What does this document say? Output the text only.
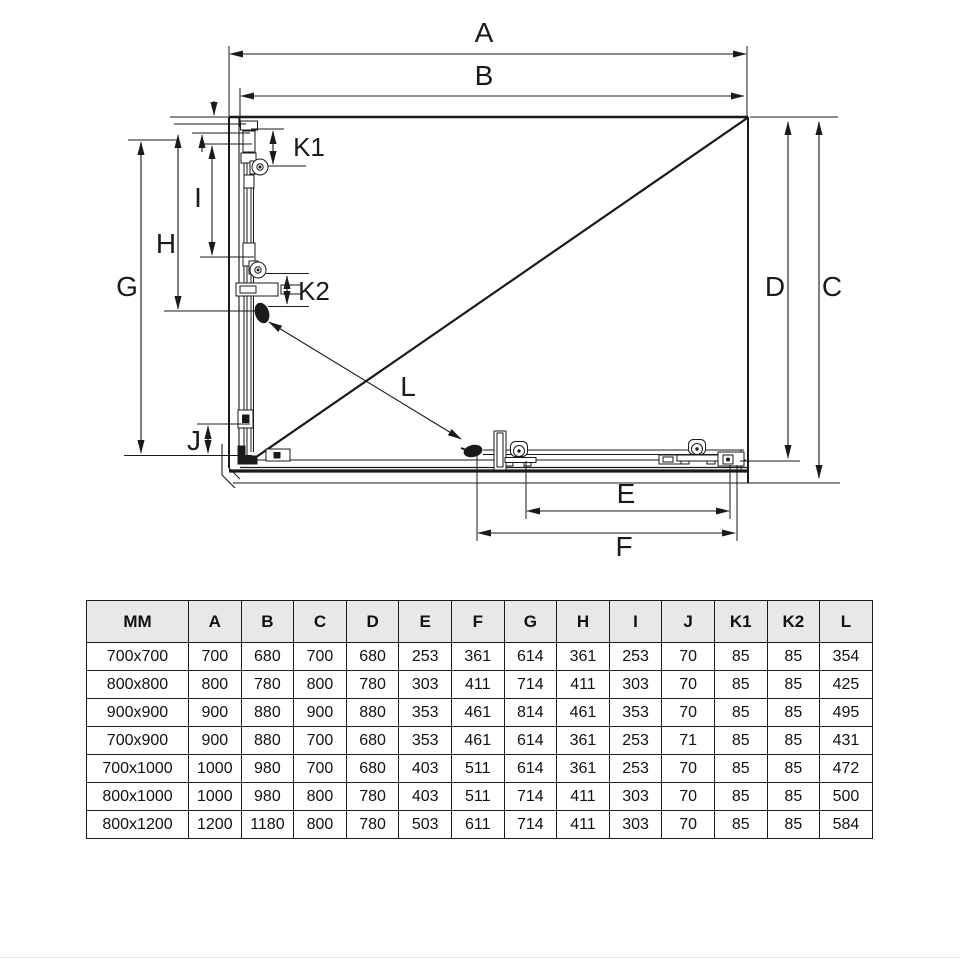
A
B
C
D
E
F
G
H
I
J
K1
K2
L
MM	A	B	C	D	E	F	G	H	I	J	K1	K2	L
700x700	700	680	700	680	253	361	614	361	253	70	85	85	354
800x800	800	780	800	780	303	411	714	411	303	70	85	85	425
900x900	900	880	900	880	353	461	814	461	353	70	85	85	495
700x900	900	880	700	680	353	461	614	361	253	71	85	85	431
700x1000	1000	980	700	680	403	511	614	361	253	70	85	85	472
800x1000	1000	980	800	780	403	511	714	411	303	70	85	85	500
800x1200	1200	1180	800	780	503	611	714	411	303	70	85	85	584
